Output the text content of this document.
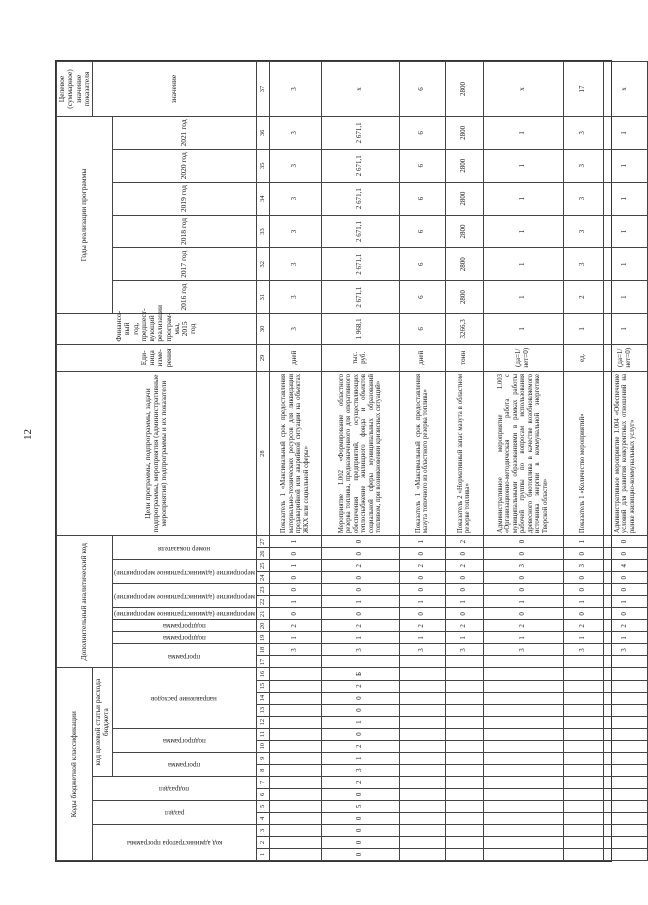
12
Коды бюджетной классификации																Дополнительный аналитический код											Цели программы, подпрограммы, задачи подпрограммы, мероприятия (административные мероприятия) подпрограммы и их показатели	Еди-ница изме-рения	Финансо-вый год, предшест-вующий реализации програм-мы, 2015 год	Годы реализации программы						Целевое (суммарное) значение показателя

код администратора программы			раздел		подраздел		код целевой статьи расхода бюджета																													значение

							программа		подпрограмма		направление расходов					программа		подпрограмма	подпрограмма	мероприятие (административное мероприятие)	мероприятие (административное мероприятие)		мероприятие (административное мероприятие)		номер показателя					2016 год	2017 год	2018 год	2019 год	2020 год	2021 год	
1	2	3	4	5	6	7	8	9	10	11	12	13	14	15	16	17	18	19	20	21	22	23	24	25	26	27	28	29	30	31	32	33	34	35	36	37
																	3	1	2	0	1	0	0	1	0	1	Показатель 1 «Максимальный срок предоставления материально-технических ресурсов для ликвидации предаварийной или аварийной ситуации на объектах ЖКХ или социальной сферы»	дней	3	3	3	3	3	3	3	3
0	0	0	0	5	0	2	3	1	2	0	1	0	0	2	Б		3	1	2	0	1	0	0	2	0	0	Мероприятие 1.002 «Формирование областного резерва топлива, предназначенного для оперативного обеспечения предприятий, осуществляющих теплоснабжение жилищного фонда и объектов социальной сферы муниципальных образований топливом, при возникновении кризисных ситуаций»	тыс. руб.	1 968,1	2 671,1	2 671,1	2 671,1	2 671,1	2 671,1	2 671,1	х
																	3	1	2	0	1	0	0	2	0	1	Показатель 1 «Максимальный срок предоставления мазута топочного из областного резерва топлива»	дней	6	6	6	6	6	6	6	6
																	3	1	2	0	1	0	0	2	0	2	Показатель 2 «Нормативный запас мазута в областном резерве топлива»	тонн	3266,3	2800	2800	2800	2800	2800	2800	2800
																	3	1	2	0	1	0	0	3	0	0	Административное мероприятие 1.003 «Организационно-методическая работа с муниципальными образованиями в рамках работы рабочей группы по вопросам использования древесного биотоплива в качестве возобновляемого источника энергии в коммунальной энергетике Тверской области»	(да=1/ нет=0)	1	1	1	1	1	1	1	х
																	3	1	2	0	1	0	0	3	0	1	Показатель 1 «Количество мероприятий»	ед.	1	2	3	3	3	3	3	17
																	3	1	2	0	1	0	0	4	0	0	Административное мероприятие 1.004 «Обеспечение условий для развития конкурентных отношений на рынке жилищно-коммунальных услуг»	(да=1/ нет=0)	1	1	1	1	1	1	1	х
